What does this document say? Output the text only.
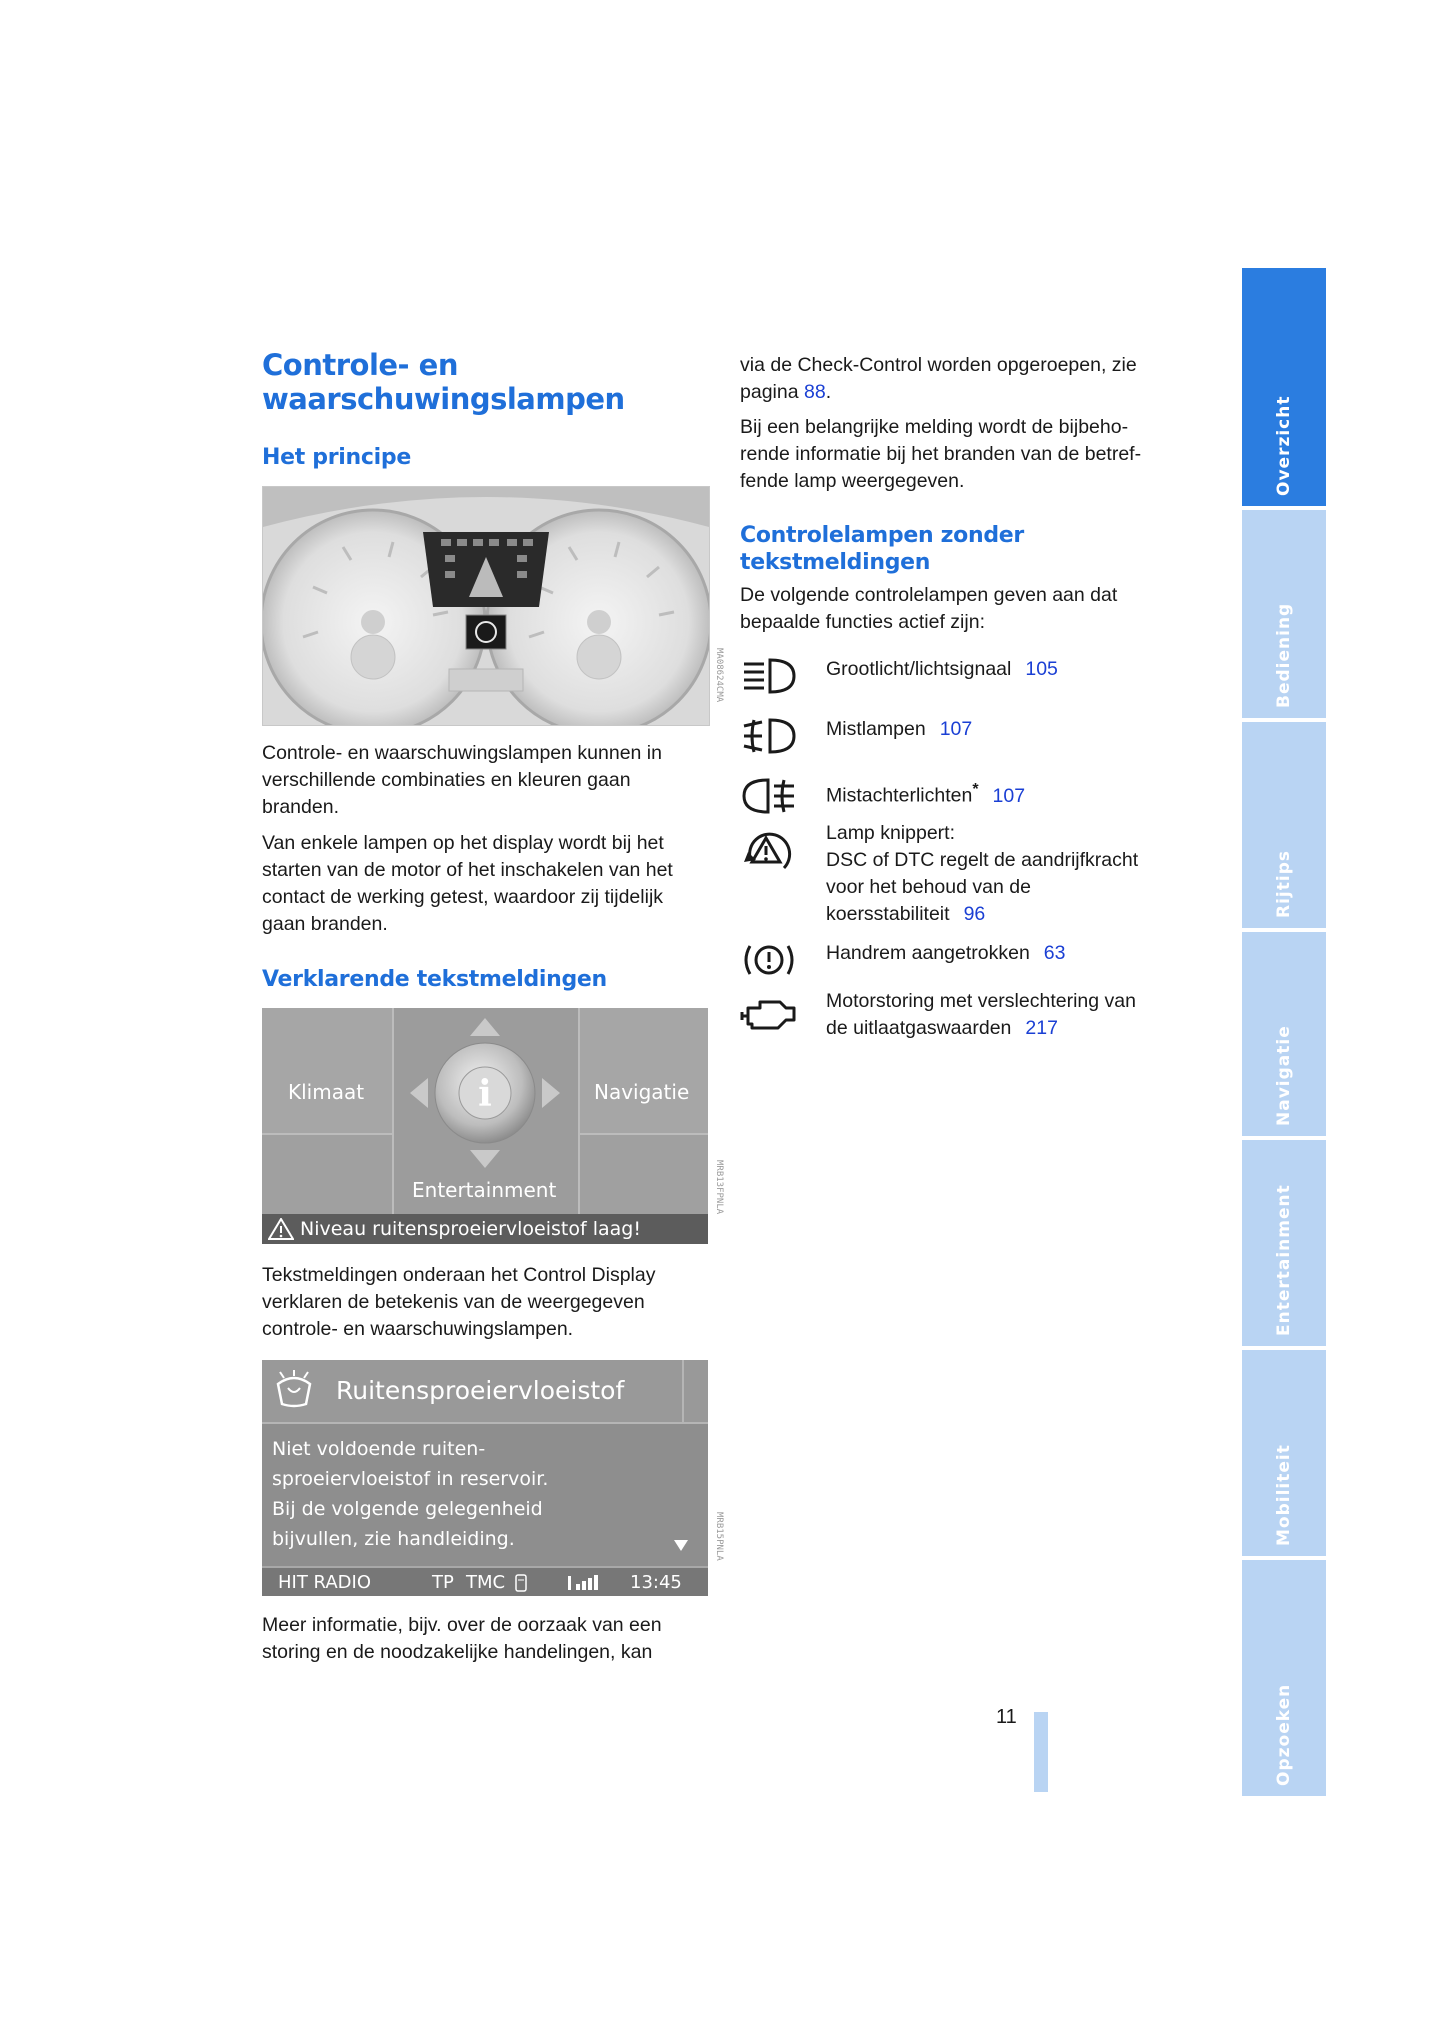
Controle- en
waarschuwingslampen
Het principe
MA08624CMA

Controle- en waarschuwingslampen kunnen in
verschillende combinaties en kleuren gaan
branden.

Van enkele lampen op het display wordt bij het
starten van de motor of het inschakelen van het
contact de werking getest, waardoor zij tijdelijk
gaan branden.

Verklarende tekstmeldingen
i
Klimaat	Navigatie
Entertainment
Niveau ruitensproeiervloeistof laag!
MRB13FPNLA

Tekstmeldingen onderaan het Control Display
verklaren de betekenis van de weergegeven
controle- en waarschuwingslampen.

Ruitensproeiervloeistof
Niet voldoende ruiten-
sproeiervloeistof in reservoir.
Bij de volgende gelegenheid
bijvullen, zie handleiding.
HIT RADIO	TP TMC	13:45
MRB15PNLA

Meer informatie, bijv. over de oorzaak van een
storing en de noodzakelijke handelingen, kan

via de Check-Control worden opgeroepen, zie
pagina 88.

Bij een belangrijke melding wordt de bijbeho-
rende informatie bij het branden van de betref-
fende lamp weergegeven.

Controlelampen zonder
tekstmeldingen

De volgende controlelampen geven aan dat
bepaalde functies actief zijn:

Grootlicht/lichtsignaal 105
Mistlampen 107
Mistachterlichten* 107
Lamp knippert:
DSC of DTC regelt de aandrijfkracht
voor het behoud van de
koersstabiliteit 96
Handrem aangetrokken 63
Motorstoring met verslechtering van
de uitlaatgaswaarden 217
Overzicht
Bediening
Rijtips
Navigatie
Entertainment
Mobiliteit
Opzoeken
11
